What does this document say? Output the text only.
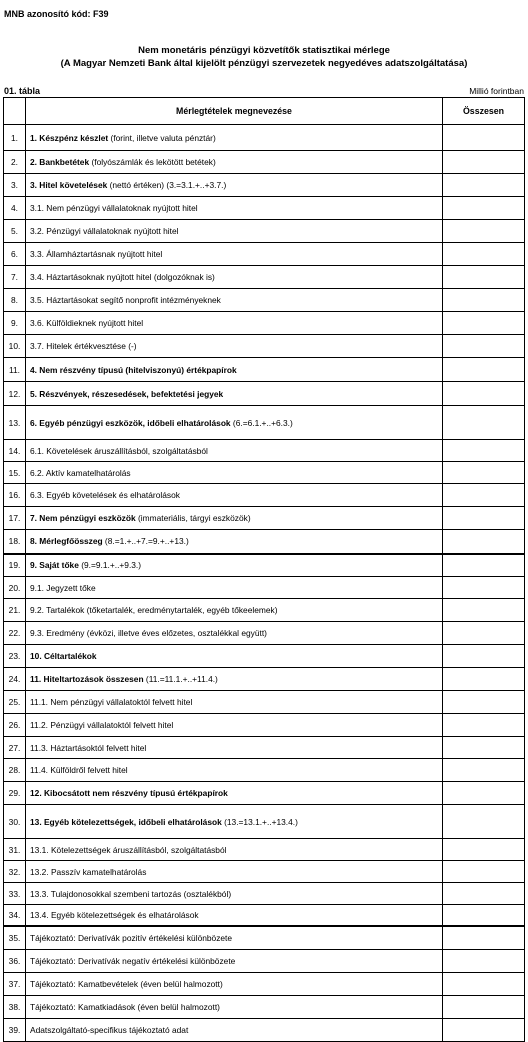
MNB azonosító kód: F39
Nem monetáris pénzügyi közvetítők statisztikai mérlege
(A Magyar Nemzeti Bank által kijelölt pénzügyi szervezetek negyedéves adatszolgáltatása)
01. tábla	Millió forintban
	Mérlegtételek megnevezése	Összesen
1.	1. Készpénz készlet (forint, illetve valuta pénztár)	
2.	2. Bankbetétek (folyószámlák és lekötött betétek)	
3.	3. Hitel követelések (nettó értéken) (3.=3.1.+..+3.7.)	
4.	3.1. Nem pénzügyi vállalatoknak nyújtott hitel	
5.	3.2. Pénzügyi vállalatoknak nyújtott hitel	
6.	3.3. Államháztartásnak nyújtott hitel	
7.	3.4. Háztartásoknak nyújtott hitel (dolgozóknak is)	
8.	3.5. Háztartásokat segítő nonprofit intézményeknek	
9.	3.6. Külföldieknek nyújtott hitel	
10.	3.7. Hitelek értékvesztése (-)	
11.	4. Nem részvény típusú (hitelviszonyú) értékpapírok	
12.	5. Részvények, részesedések, befektetési jegyek	
13.	6. Egyéb pénzügyi eszközök, időbeli elhatárolások (6.=6.1.+..+6.3.)	
14.	6.1. Követelések áruszállításból, szolgáltatásból	
15.	6.2. Aktív kamatelhatárolás	
16.	6.3. Egyéb követelések és elhatárolások	
17.	7. Nem pénzügyi eszközök (immateriális, tárgyi eszközök)	
18.	8. Mérlegfőösszeg (8.=1.+..+7.=9.+..+13.)	
19.	9. Saját tőke (9.=9.1.+..+9.3.)	
20.	9.1. Jegyzett tőke	
21.	9.2. Tartalékok (tőketartalék, eredménytartalék, egyéb tőkeelemek)	
22.	9.3. Eredmény (évközi, illetve éves előzetes, osztalékkal együtt)	
23.	10. Céltartalékok	
24.	11. Hiteltartozások összesen (11.=11.1.+..+11.4.)	
25.	11.1. Nem pénzügyi vállalatoktól felvett hitel	
26.	11.2. Pénzügyi vállalatoktól felvett hitel	
27.	11.3. Háztartásoktól felvett hitel	
28.	11.4. Külföldről felvett hitel	
29.	12. Kibocsátott nem részvény típusú értékpapírok	
30.	13. Egyéb kötelezettségek, időbeli elhatárolások (13.=13.1.+..+13.4.)	
31.	13.1. Kötelezettségek áruszállításból, szolgáltatásból	
32.	13.2. Passzív kamatelhatárolás	
33.	13.3. Tulajdonosokkal szembeni tartozás (osztalékból)	
34.	13.4. Egyéb kötelezettségek és elhatárolások	
35.	Tájékoztató: Derivatívák pozitív értékelési különbözete	
36.	Tájékoztató: Derivatívák negatív értékelési különbözete	
37.	Tájékoztató: Kamatbevételek (éven belül halmozott)	
38.	Tájékoztató: Kamatkiadások (éven belül halmozott)	
39.	Adatszolgáltató-specifikus tájékoztató adat	
